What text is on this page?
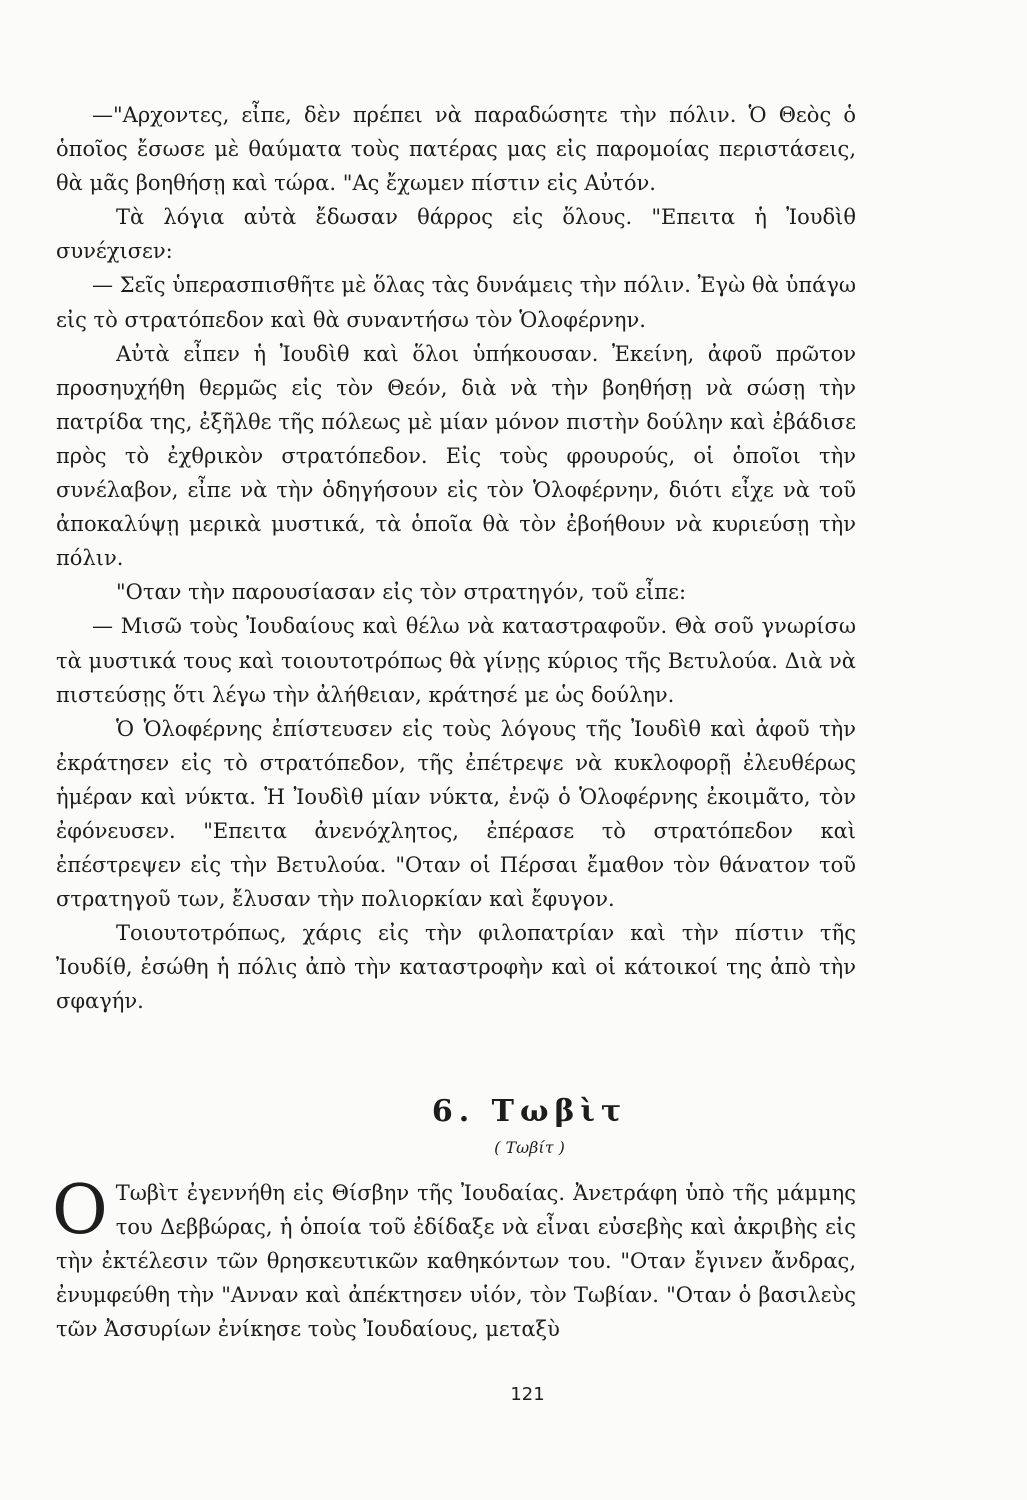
—"Αρχοντες, εἶπε, δὲν πρέπει νὰ παραδώσητε τὴν πόλιν. Ὁ Θεὸς ὁ ὁποῖος ἔσωσε μὲ θαύματα τοὺς πατέρας μας εἰς παρομοίας περιστάσεις, θὰ μᾶς βοηθήσῃ καὶ τώρα. "Ας ἔχωμεν πίστιν εἰς Αὐτόν.

Τὰ λόγια αὐτὰ ἔδωσαν θάρρος εἰς ὅλους. "Επειτα ἡ Ἰουδὶθ συνέχισεν:

— Σεῖς ὑπερασπισθῆτε μὲ ὅλας τὰς δυνάμεις τὴν πόλιν. Ἐγὼ θὰ ὑπάγω εἰς τὸ στρατόπεδον καὶ θὰ συναντήσω τὸν Ὁλοφέρνην.

Αὐτὰ εἶπεν ἡ Ἰουδὶθ καὶ ὅλοι ὑπήκουσαν. Ἐκείνη, ἀφοῦ πρῶτον προσηυχήθη θερμῶς εἰς τὸν Θεόν, διὰ νὰ τὴν βοηθήσῃ νὰ σώσῃ τὴν πατρίδα της, ἐξῆλθε τῆς πόλεως μὲ μίαν μόνον πιστὴν δούλην καὶ ἐβάδισε πρὸς τὸ ἐχθρικὸν στρατόπεδον. Εἰς τοὺς φρουρούς, οἱ ὁποῖοι τὴν συνέλαβον, εἶπε νὰ τὴν ὁδηγήσουν εἰς τὸν Ὁλοφέρνην, διότι εἶχε νὰ τοῦ ἀποκαλύψῃ μερικὰ μυστικά, τὰ ὁποῖα θὰ τὸν ἐβοήθουν νὰ κυριεύσῃ τὴν πόλιν.

"Οταν τὴν παρουσίασαν εἰς τὸν στρατηγόν, τοῦ εἶπε:

— Μισῶ τοὺς Ἰουδαίους καὶ θέλω νὰ καταστραφοῦν. Θὰ σοῦ γνωρίσω τὰ μυστικά τους καὶ τοιουτοτρόπως θὰ γίνῃς κύριος τῆς Βετυλούα. Διὰ νὰ πιστεύσῃς ὅτι λέγω τὴν ἀλήθειαν, κράτησέ με ὡς δούλην.

Ὁ Ὁλοφέρνης ἐπίστευσεν εἰς τοὺς λόγους τῆς Ἰουδὶθ καὶ ἀφοῦ τὴν ἐκράτησεν εἰς τὸ στρατόπεδον, τῆς ἐπέτρεψε νὰ κυκλοφορῇ ἐλευθέρως ἡμέραν καὶ νύκτα. Ἡ Ἰουδὶθ μίαν νύκτα, ἐνῷ ὁ Ὁλοφέρνης ἐκοιμᾶτο, τὸν ἐφόνευσεν. "Επειτα ἀνενόχλητος, ἐπέρασε τὸ στρατόπεδον καὶ ἐπέστρεψεν εἰς τὴν Βετυλούα. "Οταν οἱ Πέρσαι ἔμαθον τὸν θάνατον τοῦ στρατηγοῦ των, ἔλυσαν τὴν πολιορκίαν καὶ ἔφυγον.

Τοιουτοτρόπως, χάρις εἰς τὴν φιλοπατρίαν καὶ τὴν πίστιν τῆς Ἰουδίθ, ἐσώθη ἡ πόλις ἀπὸ τὴν καταστροφὴν καὶ οἱ κάτοικοί της ἀπὸ τὴν σφαγήν.

6. Τωβὶτ

( Τωβίτ )

Ο Τωβὶτ ἐγεννήθη εἰς Θίσβην τῆς Ἰουδαίας. Ἀνετράφη ὑπὸ τῆς μάμμης του Δεββώρας, ἡ ὁποία τοῦ ἐδίδαξε νὰ εἶναι εὐσεβὴς καὶ ἀκριβὴς εἰς τὴν ἐκτέλεσιν τῶν θρησκευτικῶν καθηκόντων του. "Οταν ἔγινεν ἄνδρας, ἐνυμφεύθη τὴν "Ανναν καὶ ἀπέκτησεν υἱόν, τὸν Τωβίαν. "Οταν ὁ βασιλεὺς τῶν Ἀσσυρίων ἐνίκησε τοὺς Ἰουδαίους, μεταξὺ

121
